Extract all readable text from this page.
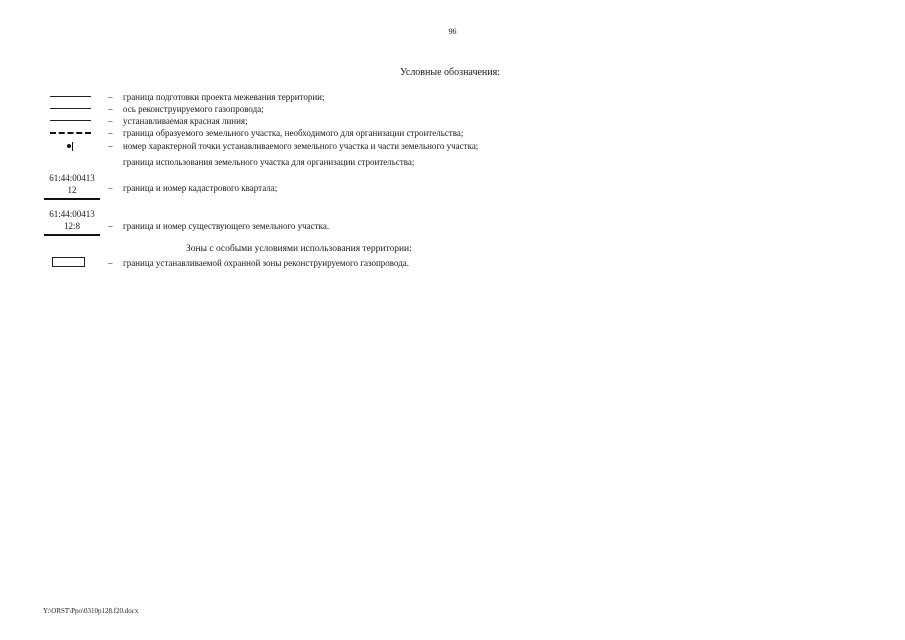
96
Условные обозначения:
– граница подготовки проекта межевания территории;
– ось реконструируемого газопровода;
– устанавливаемая красная линия;
– граница образуемого земельного участка, необходимого для организации строительства;
– номер характерной точки устанавливаемого земельного участка и части земельного участка;
граница использования земельного участка для организации строительства;
61:44:00413
12	– граница и номер кадастрового квартала;
61:44:00413
12:8	– граница и номер существующего земельного участка.
Зоны с особыми условиями использования территории:
– граница устанавливаемой охранной зоны реконструируемого газопровода.
Y:\ORST\Ppo\0310p128.f20.docx
